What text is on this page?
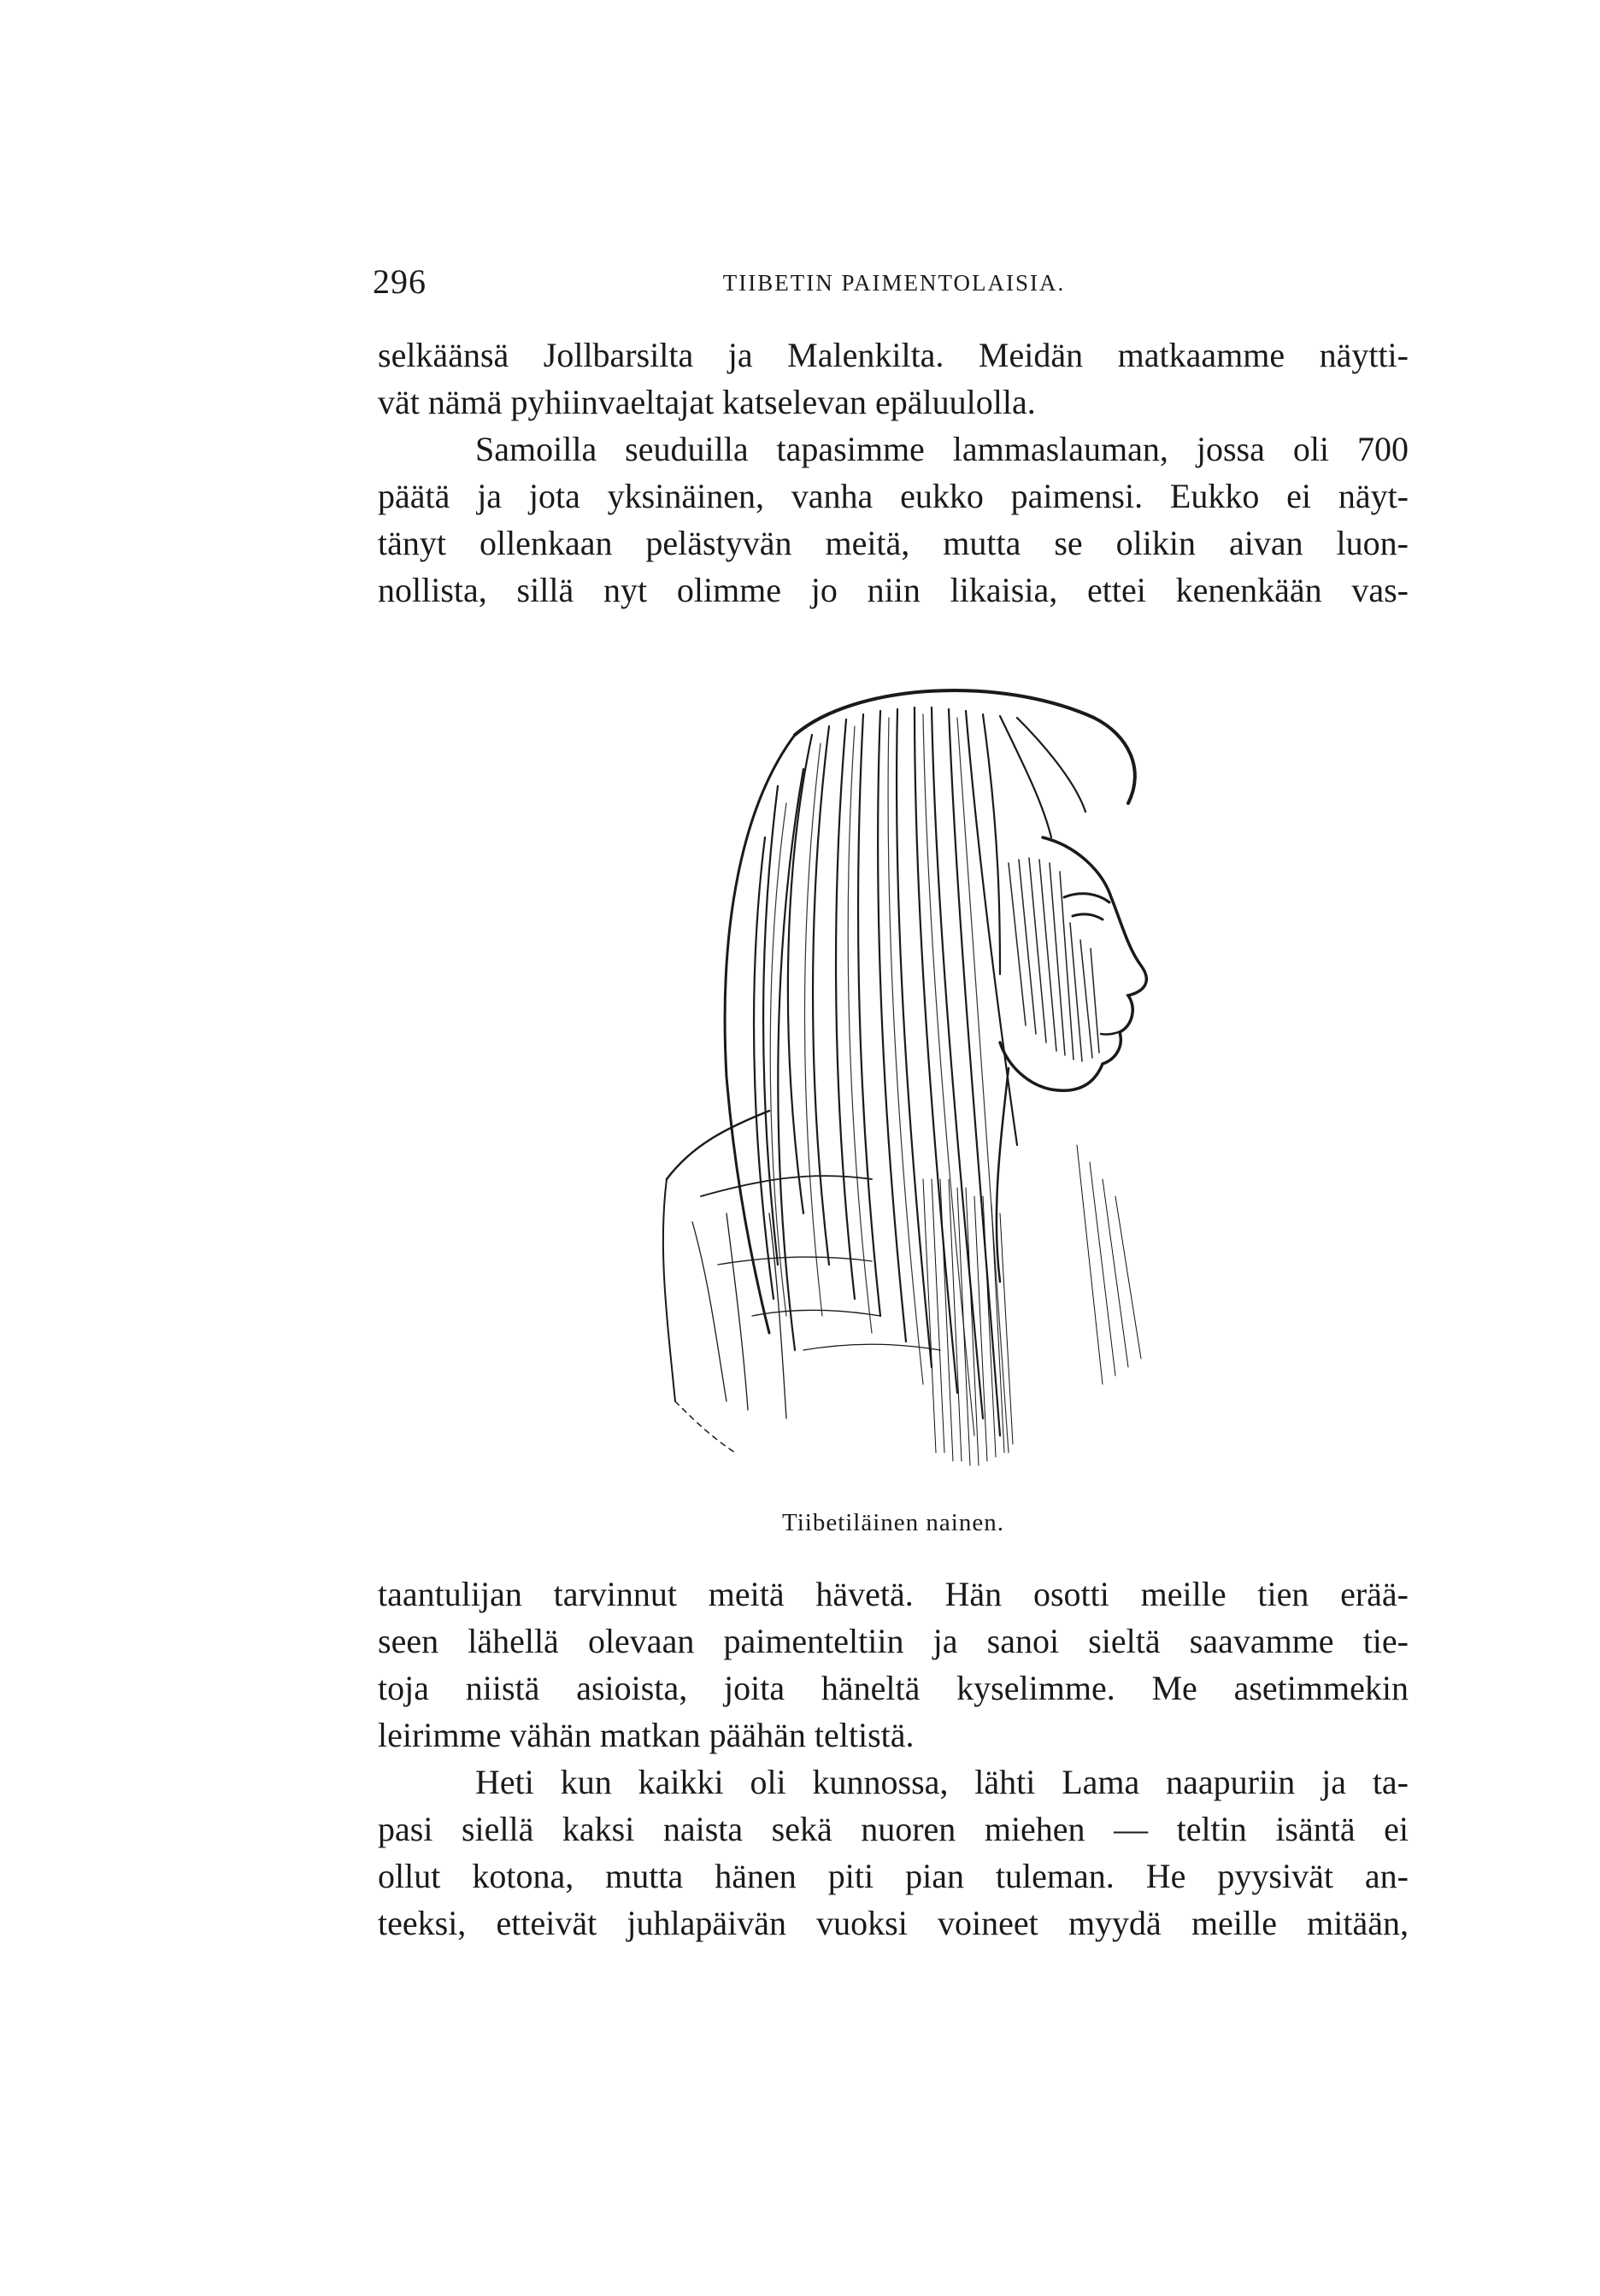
296	TIIBETIN PAIMENTOLAISIA.
selkäänsä Jollbarsilta ja Malenkilta. Meidän matkaamme näytti-
vät nämä pyhiinvaeltajat katselevan epäluulolla.
Samoilla seuduilla tapasimme lammaslauman, jossa oli 700
päätä ja jota yksinäinen, vanha eukko paimensi. Eukko ei näyt-
tänyt ollenkaan pelästyvän meitä, mutta se olikin aivan luon-
nollista, sillä nyt olimme jo niin likaisia, ettei kenenkään vas-
Tiibetiläinen nainen.
taantulijan tarvinnut meitä hävetä. Hän osotti meille tien erää-
seen lähellä olevaan paimenteltiin ja sanoi sieltä saavamme tie-
toja niistä asioista, joita häneltä kyselimme. Me asetimmekin
leirimme vähän matkan päähän teltistä.
Heti kun kaikki oli kunnossa, lähti Lama naapuriin ja ta-
pasi siellä kaksi naista sekä nuoren miehen — teltin isäntä ei
ollut kotona, mutta hänen piti pian tuleman. He pyysivät an-
teeksi, etteivät juhlapäivän vuoksi voineet myydä meille mitään,
